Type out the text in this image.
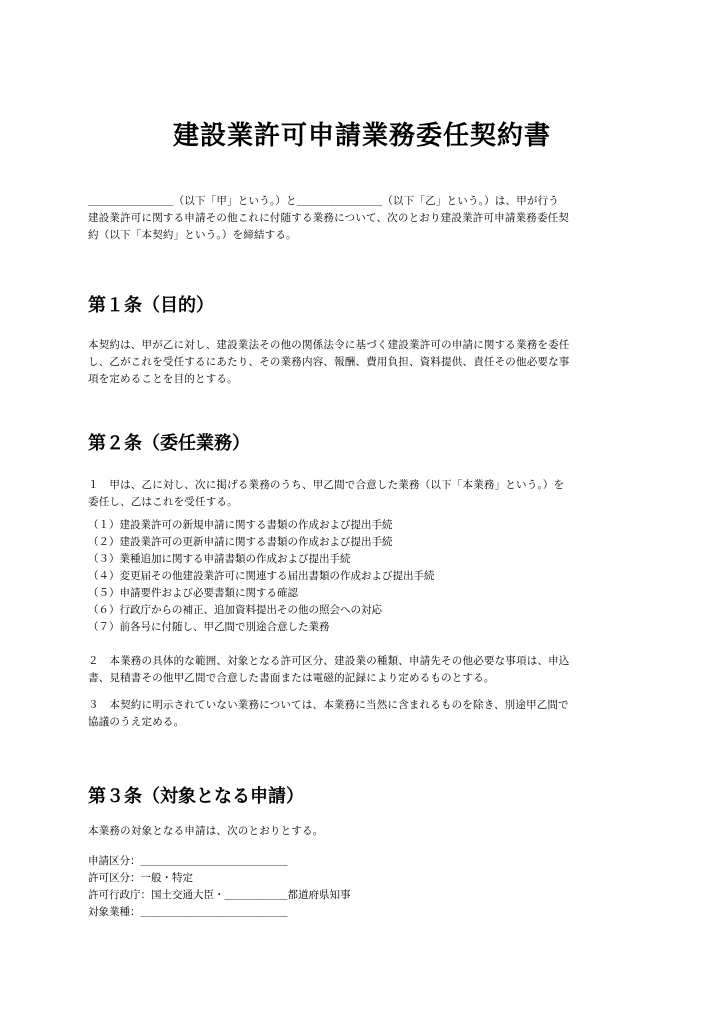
建設業許可申請業務委任契約書

＿＿＿＿＿＿＿＿（以下「甲」という。）と＿＿＿＿＿＿＿＿（以下「乙」という。）は、甲が行う
建設業許可に関する申請その他これに付随する業務について、次のとおり建設業許可申請業務委任契
約（以下「本契約」という。）を締結する。

第１条（目的）

本契約は、甲が乙に対し、建設業法その他の関係法令に基づく建設業許可の申請に関する業務を委任
し、乙がこれを受任するにあたり、その業務内容、報酬、費用負担、資料提供、責任その他必要な事
項を定めることを目的とする。

第２条（委任業務）

１　甲は、乙に対し、次に掲げる業務のうち、甲乙間で合意した業務（以下「本業務」という。）を
委任し、乙はこれを受任する。

（１）建設業許可の新規申請に関する書類の作成および提出手続
（２）建設業許可の更新申請に関する書類の作成および提出手続
（３）業種追加に関する申請書類の作成および提出手続
（４）変更届その他建設業許可に関連する届出書類の作成および提出手続
（５）申請要件および必要書類に関する確認
（６）行政庁からの補正、追加資料提出その他の照会への対応
（７）前各号に付随し、甲乙間で別途合意した業務

２　本業務の具体的な範囲、対象となる許可区分、建設業の種類、申請先その他必要な事項は、申込
書、見積書その他甲乙間で合意した書面または電磁的記録により定めるものとする。

３　本契約に明示されていない業務については、本業務に当然に含まれるものを除き、別途甲乙間で
協議のうえ定める。

第３条（対象となる申請）

本業務の対象となる申請は、次のとおりとする。

申請区分：＿＿＿＿＿＿＿＿＿＿＿＿＿＿
許可区分：一般・特定
許可行政庁：国土交通大臣・＿＿＿＿＿＿都道府県知事
対象業種：＿＿＿＿＿＿＿＿＿＿＿＿＿＿
